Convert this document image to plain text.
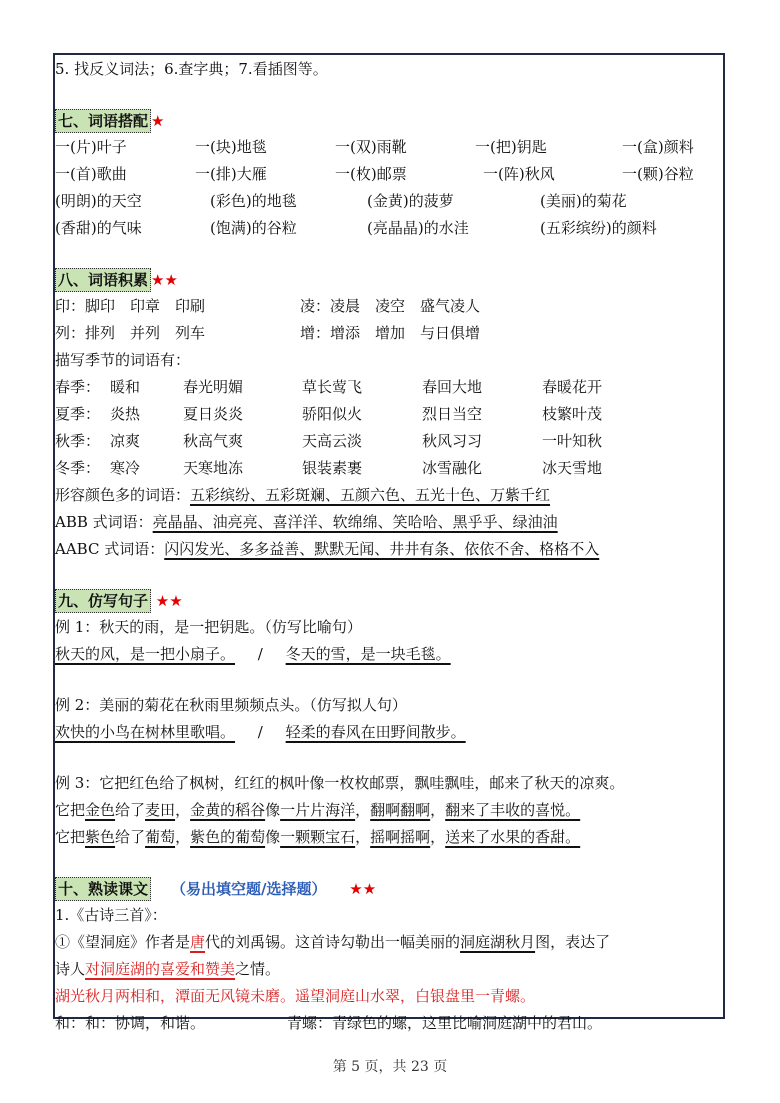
5. 找反义词法；6.查字典；7.看插图等。
七、词语搭配 ★
一(片)叶子	一(块)地毯	一(双)雨靴	一(把)钥匙	一(盒)颜料
一(首)歌曲	一(排)大雁	一(枚)邮票	一(阵)秋风	一(颗)谷粒
(明朗)的天空	(彩色)的地毯	(金黄)的菠萝	(美丽)的菊花
(香甜)的气味	(饱满)的谷粒	(亮晶晶)的水洼	(五彩缤纷)的颜料
八、词语积累 ★★
印：脚印　印章　印刷	凌：凌晨　凌空　盛气凌人
列：排列　并列　列车	增：增添　增加　与日俱增
描写季节的词语有：
春季： 暖和	春光明媚	草长莺飞	春回大地	春暖花开
夏季： 炎热	夏日炎炎	骄阳似火	烈日当空	枝繁叶茂
秋季： 凉爽	秋高气爽	天高云淡	秋风习习	一叶知秋
冬季： 寒冷	天寒地冻	银装素裹	冰雪融化	冰天雪地
形容颜色多的词语：五彩缤纷、五彩斑斓、五颜六色、五光十色、万紫千红
ABB 式词语：亮晶晶、油亮亮、喜洋洋、软绵绵、笑哈哈、黑乎乎、绿油油
AABC 式词语：闪闪发光、多多益善、默默无闻、井井有条、依依不舍、格格不入
九、仿写句子 ★★
例 1：秋天的雨，是一把钥匙。（仿写比喻句）
秋天的风，是一把小扇子。 / 冬天的雪，是一块毛毯。
例 2：美丽的菊花在秋雨里频频点头。（仿写拟人句）
欢快的小鸟在树林里歌唱。 / 轻柔的春风在田野间散步。
例 3：它把红色给了枫树，红红的枫叶像一枚枚邮票，飘哇飘哇，邮来了秋天的凉爽。
它把金色给了麦田，金黄的稻谷像一片片海洋，翻啊翻啊，翻来了丰收的喜悦。
它把紫色给了葡萄，紫色的葡萄像一颗颗宝石，摇啊摇啊，送来了水果的香甜。
十、熟读课文 （易出填空题/选择题） ★★
1.《古诗三首》：
①《望洞庭》作者是唐代的刘禹锡。这首诗勾勒出一幅美丽的洞庭湖秋月图，表达了
诗人对洞庭湖的喜爱和赞美之情。
湖光秋月两相和，潭面无风镜未磨。遥望洞庭山水翠，白银盘里一青螺。
和：和：协调，和谐。	青螺：青绿色的螺，这里比喻洞庭湖中的君山。
第 5 页，共 23 页
